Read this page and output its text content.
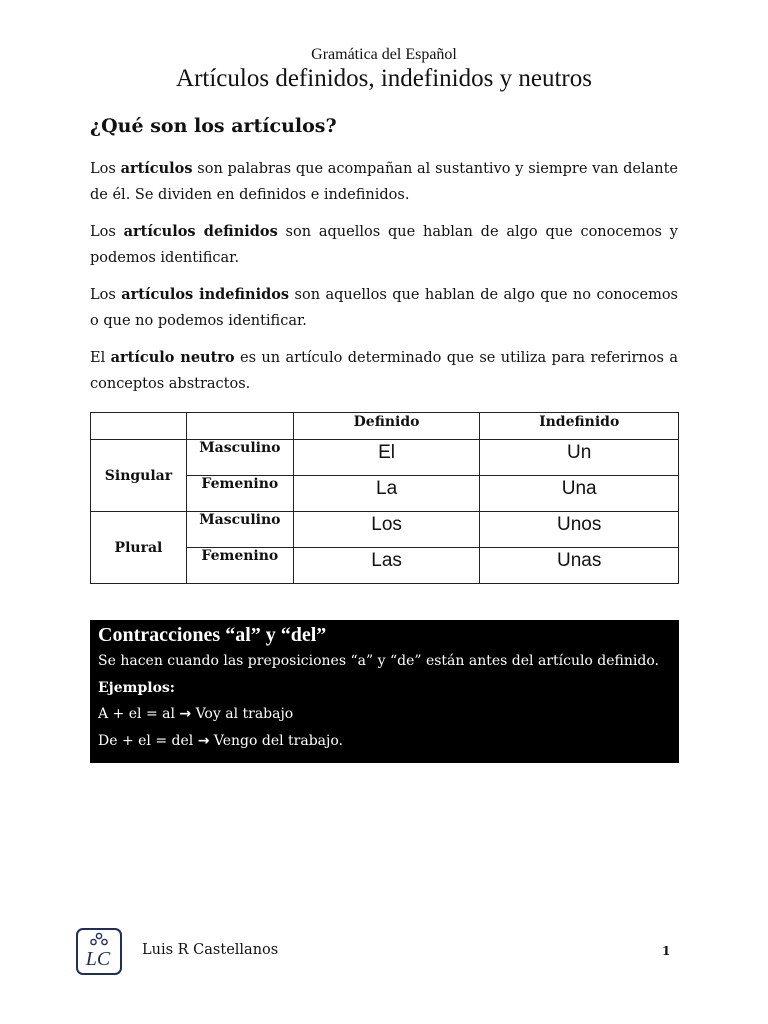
Gramática del Español
Artículos definidos, indefinidos y neutros
¿Qué son los artículos?

Los artículos son palabras que acompañan al sustantivo y siempre van delante de él. Se dividen en definidos e indefinidos.

Los artículos definidos son aquellos que hablan de algo que conocemos y podemos identificar.

Los artículos indefinidos son aquellos que hablan de algo que no conocemos o que no podemos identificar.

El artículo neutro es un artículo determinado que se utiliza para referirnos a conceptos abstractos.

		Definido	Indefinido
Singular	Masculino	El	Un
	Femenino	La	Una
Plural	Masculino	Los	Unos
	Femenino	Las	Unas
Contracciones “al” y “del”
Se hacen cuando las preposiciones “a” y “de” están antes del artículo definido.
Ejemplos:
A + el = al → Voy al trabajo
De + el = del → Vengo del trabajo.
LC Luis R Castellanos	1
